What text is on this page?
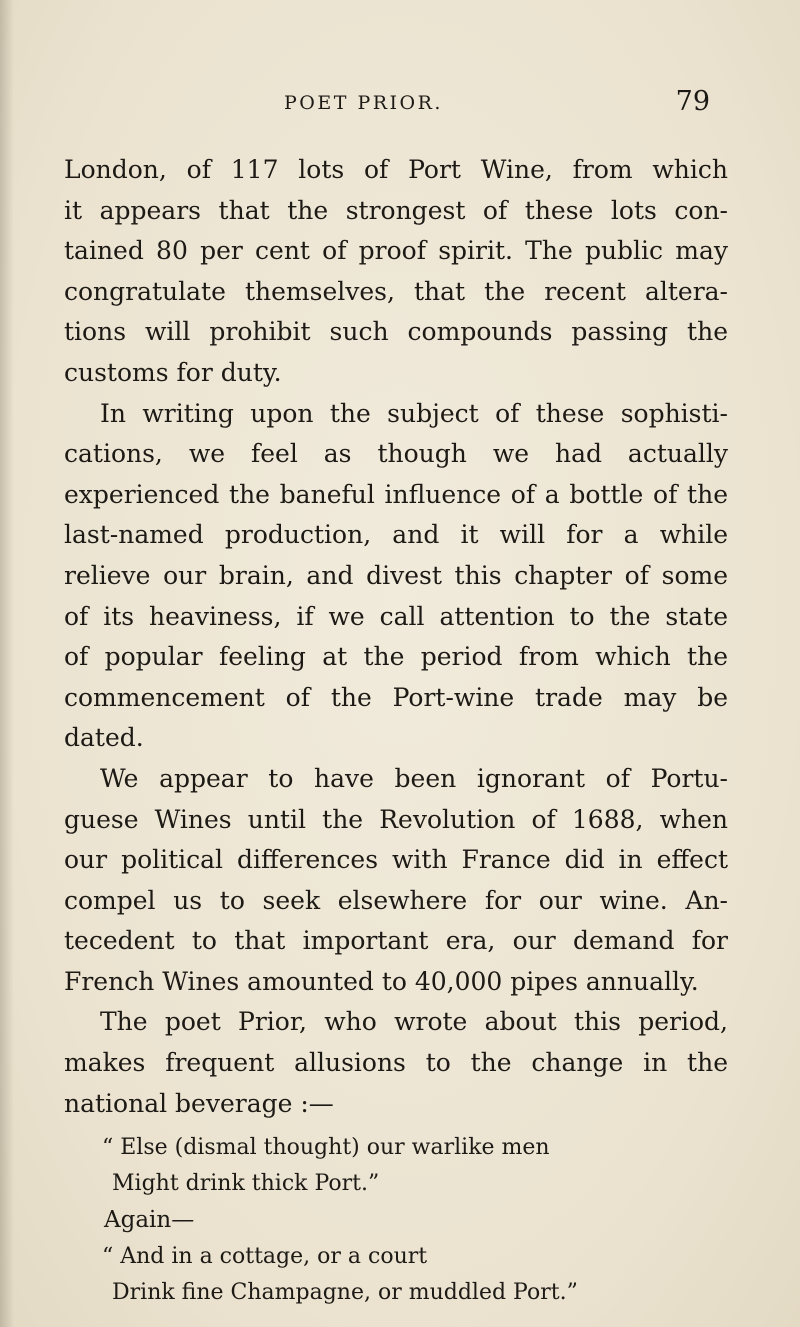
POET PRIOR.	79

London, of 117 lots of Port Wine, from which

it appears that the strongest of these lots con-

tained 80 per cent of proof spirit. The public may

congratulate themselves, that the recent altera-

tions will prohibit such compounds passing the

customs for duty.

In writing upon the subject of these sophisti-

cations, we feel as though we had actually

experienced the baneful influence of a bottle of the

last-named production, and it will for a while

relieve our brain, and divest this chapter of some

of its heaviness, if we call attention to the state

of popular feeling at the period from which the

commencement of the Port-wine trade may be

dated.

We appear to have been ignorant of Portu-

guese Wines until the Revolution of 1688, when

our political differences with France did in effect

compel us to seek elsewhere for our wine. An-

tecedent to that important era, our demand for

French Wines amounted to 40,000 pipes annually.

The poet Prior, who wrote about this period,

makes frequent allusions to the change in the

national beverage :—

“ Else (dismal thought) our warlike men
Might drink thick Port.”
Again—
“ And in a cottage, or a court
Drink fine Champagne, or muddled Port.”
